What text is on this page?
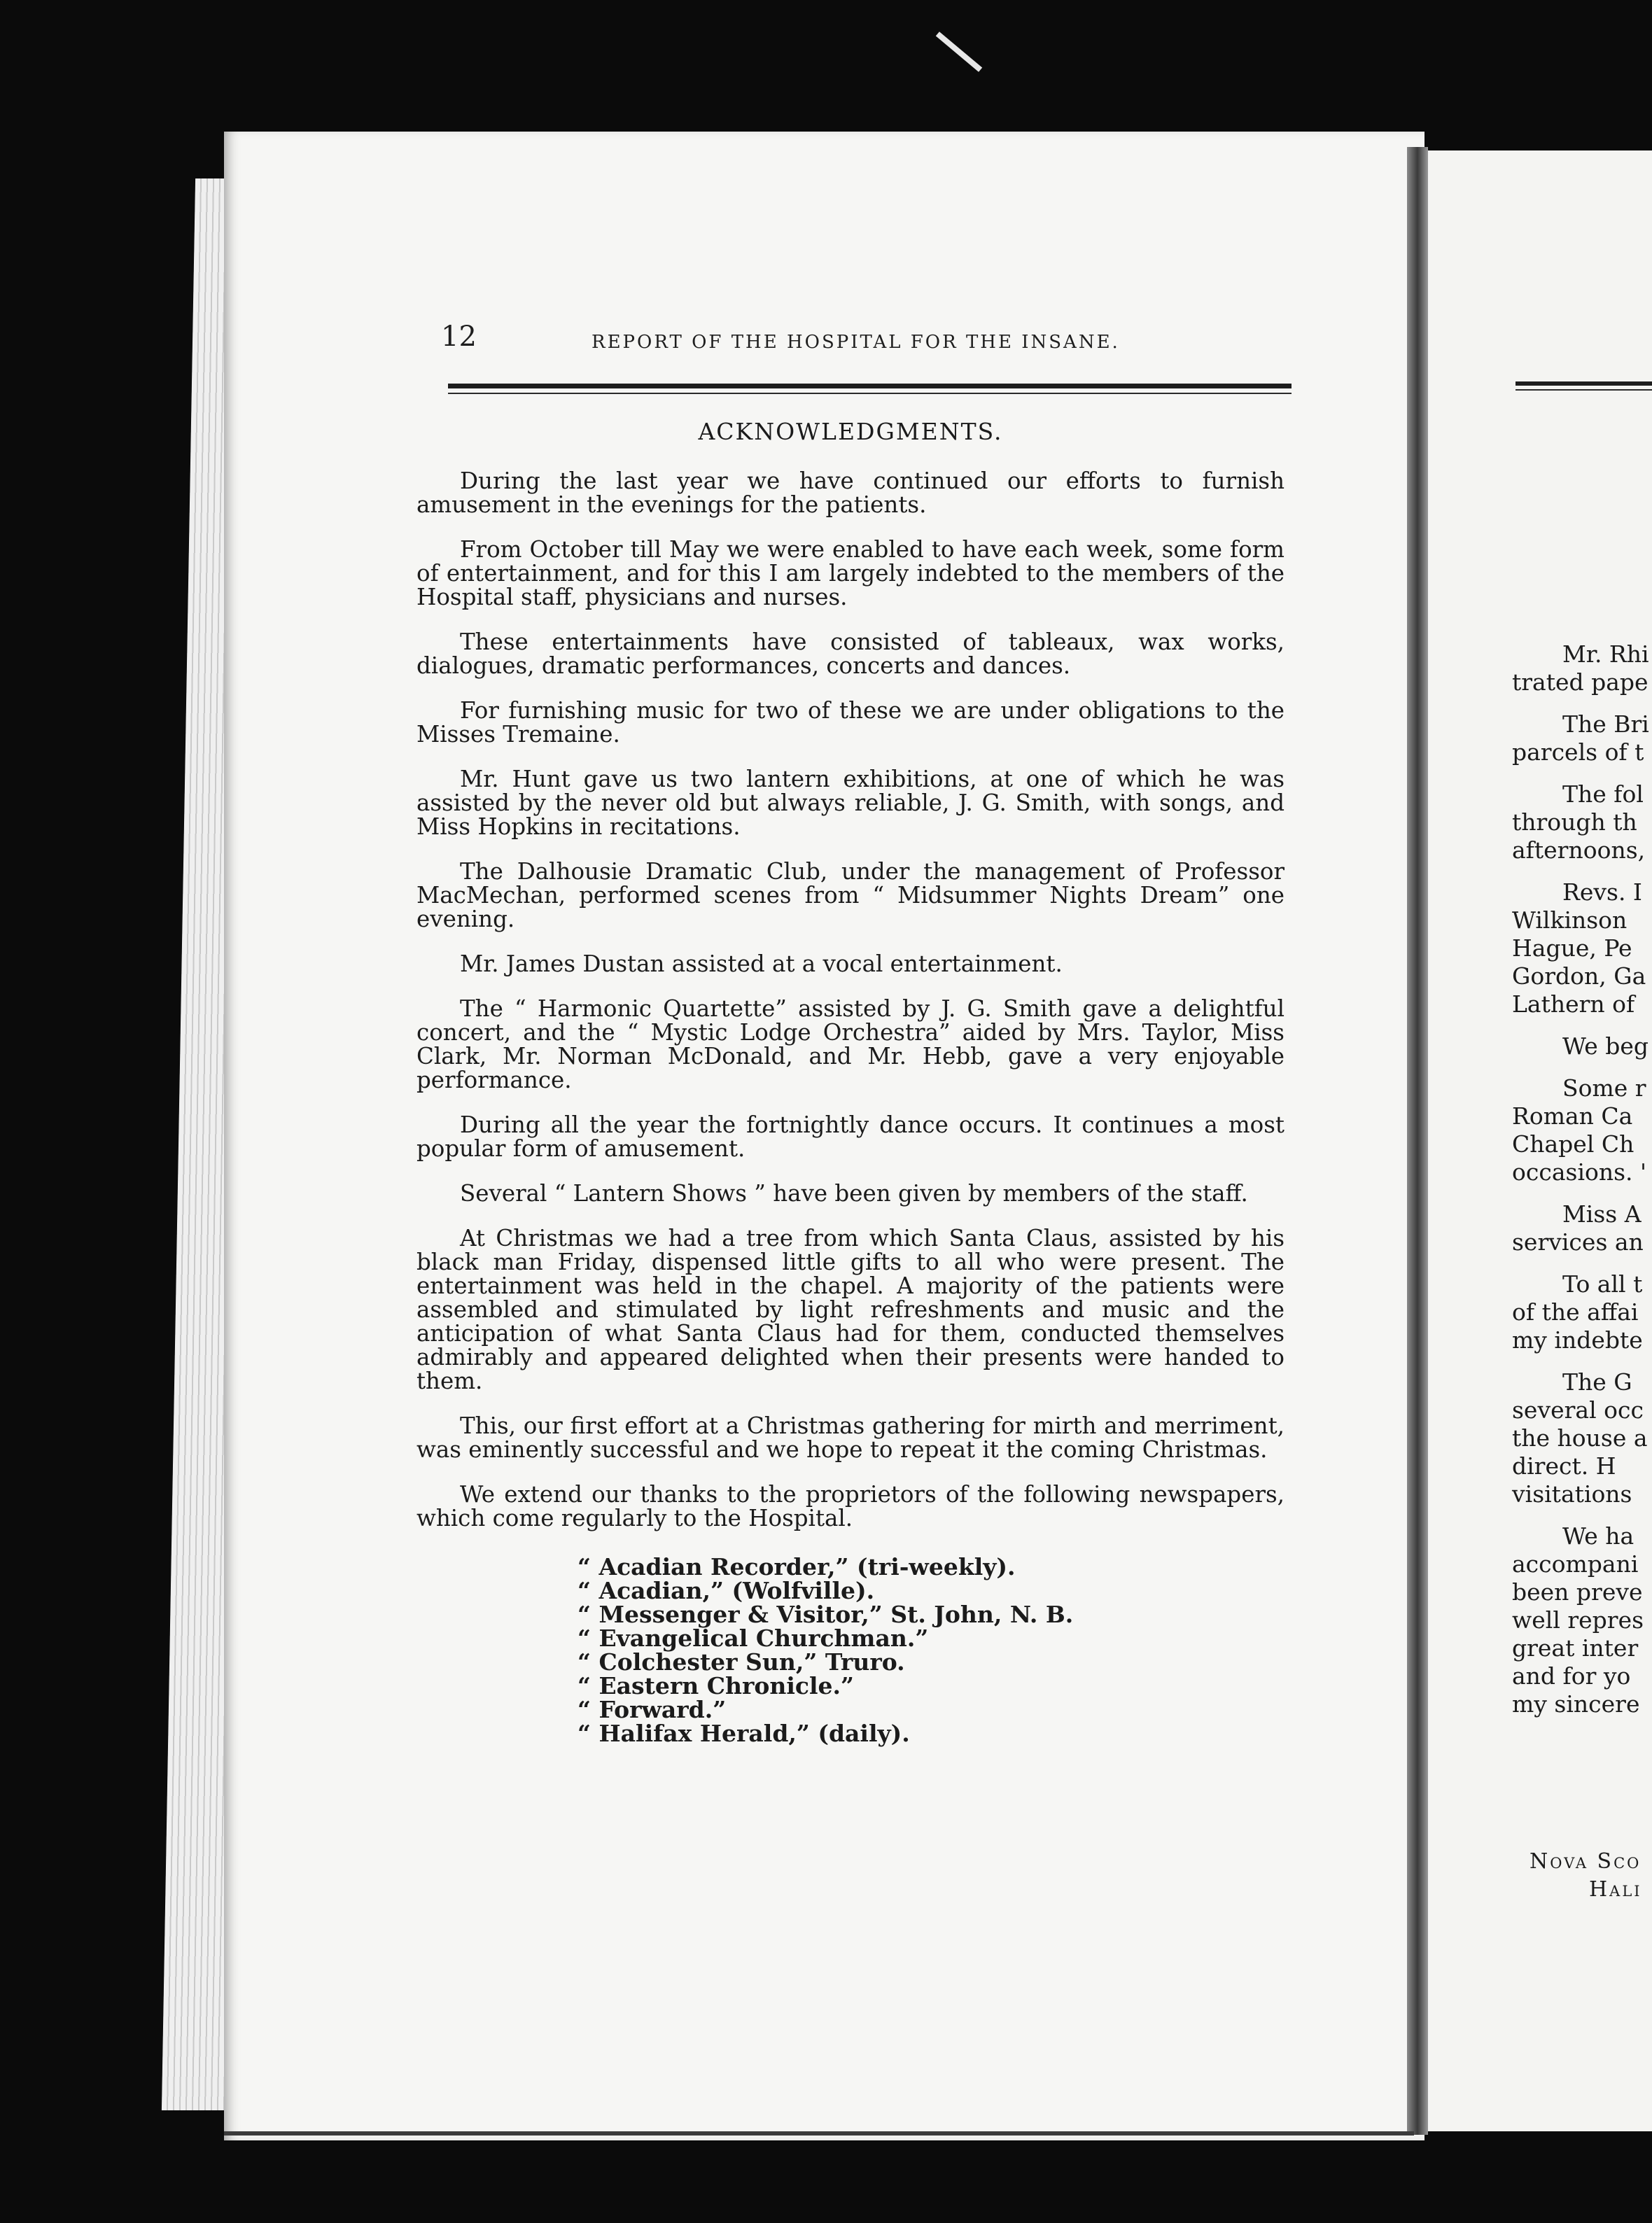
12	REPORT OF THE HOSPITAL FOR THE INSANE.
ACKNOWLEDGMENTS.

During the last year we have continued our efforts to furnish amusement in the evenings for the patients.

From October till May we were enabled to have each week, some form of entertainment, and for this I am largely indebted to the members of the Hospital staff, physicians and nurses.

These entertainments have consisted of tableaux, wax works, dialogues, dramatic performances, concerts and dances.

For furnishing music for two of these we are under obligations to the Misses Tremaine.

Mr. Hunt gave us two lantern exhibitions, at one of which he was assisted by the never old but always reliable, J. G. Smith, with songs, and Miss Hopkins in recitations.

The Dalhousie Dramatic Club, under the management of Professor MacMechan, performed scenes from “ Midsummer Nights Dream” one evening.

Mr. James Dustan assisted at a vocal entertainment.

The “ Harmonic Quartette” assisted by J. G. Smith gave a delightful concert, and the “ Mystic Lodge Orchestra” aided by Mrs. Taylor, Miss Clark, Mr. Norman McDonald, and Mr. Hebb, gave a very enjoyable performance.

During all the year the fortnightly dance occurs. It continues a most popular form of amusement.

Several “ Lantern Shows ” have been given by members of the staff.

At Christmas we had a tree from which Santa Claus, assisted by his black man Friday, dispensed little gifts to all who were present. The entertainment was held in the chapel. A majority of the patients were assembled and stimulated by light refreshments and music and the anticipation of what Santa Claus had for them, conducted themselves admirably and appeared delighted when their presents were handed to them.

This, our first effort at a Christmas gathering for mirth and merriment, was eminently successful and we hope to repeat it the coming Christmas.

We extend our thanks to the proprietors of the following newspapers, which come regularly to the Hospital.

“ Acadian Recorder,” (tri-weekly).
“ Acadian,” (Wolfville).
“ Messenger & Visitor,” St. John, N. B.
“ Evangelical Churchman.”
“ Colchester Sun,” Truro.
“ Eastern Chronicle.”
“ Forward.”
“ Halifax Herald,” (daily).
Mr. Rhi
trated pape
The Bri
parcels of t
The fol
through th
afternoons,
Revs. I
Wilkinson
Hague, Pe
Gordon, Ga
Lathern of
We beg
Some r
Roman Ca
Chapel Ch
occasions. '
Miss A
services an
To all t
of the affai
my indebte
The G
several occ
the house a
direct. H
visitations
We ha
accompani
been preve
well repres
great inter
and for yo
my sincere
Nova Sco
Hali
